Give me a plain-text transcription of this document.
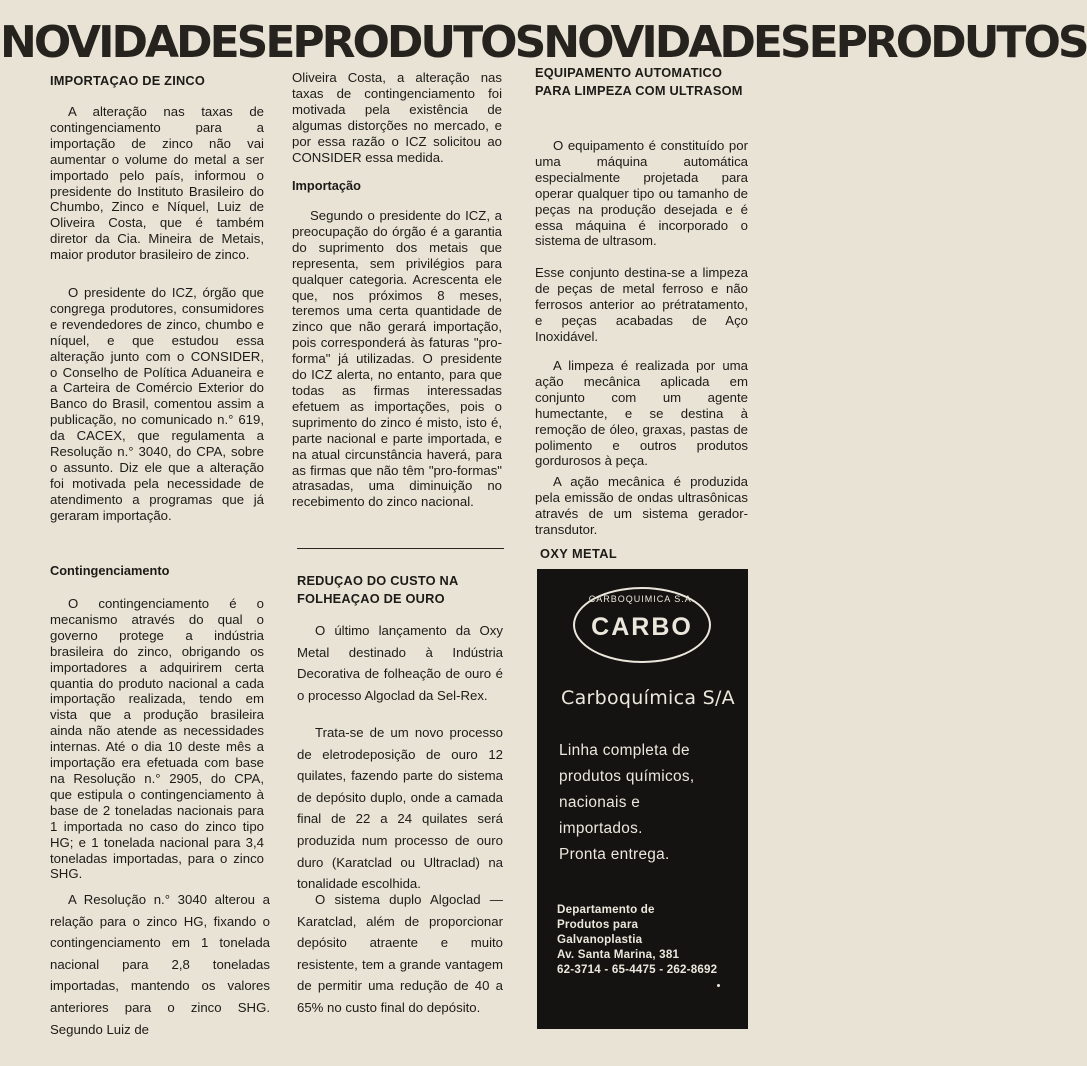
NOVIDADESEPRODUTOSNOVIDADESEPRODUTOS
IMPORTAÇAO DE ZINCO
A alteração nas taxas de contingenciamento para a importação de zinco não vai aumentar o volume do metal a ser importado pelo país, informou o presidente do Instituto Brasileiro do Chumbo, Zinco e Níquel, Luiz de Oliveira Costa, que é também diretor da Cia. Mineira de Metais, maior produtor brasileiro de zinco.
O presidente do ICZ, órgão que congrega produtores, consumidores e revendedores de zinco, chumbo e níquel, e que estudou essa alteração junto com o CONSIDER, o Conselho de Política Aduaneira e a Carteira de Comércio Exterior do Banco do Brasil, comentou assim a publicação, no comunicado n.° 619, da CACEX, que regulamenta a Resolução n.° 3040, do CPA, sobre o assunto. Diz ele que a alteração foi motivada pela necessidade de atendimento a programas que já geraram importação.
Contingenciamento
O contingenciamento é o mecanismo através do qual o governo protege a indústria brasileira do zinco, obrigando os importadores a adquirirem certa quantia do produto nacional a cada importação realizada, tendo em vista que a produção brasileira ainda não atende as necessidades internas. Até o dia 10 deste mês a importação era efetuada com base na Resolução n.° 2905, do CPA, que estipula o contingenciamento à base de 2 toneladas nacionais para 1 importada no caso do zinco tipo HG; e 1 tonelada nacional para 3,4 toneladas importadas, para o zinco SHG.
A Resolução n.° 3040 alterou a relação para o zinco HG, fixando o contingenciamento em 1 tonelada nacional para 2,8 toneladas importadas, mantendo os valores anteriores para o zinco SHG. Segundo Luiz de
Oliveira Costa, a alteração nas taxas de contingenciamento foi motivada pela existência de algumas distorções no mercado, e por essa razão o ICZ solicitou ao CONSIDER essa medida.
Importação
Segundo o presidente do ICZ, a preocupação do órgão é a garantia do suprimento dos metais que representa, sem privilégios para qualquer categoria. Acrescenta ele que, nos próximos 8 meses, teremos uma certa quantidade de zinco que não gerará importação, pois corresponderá às faturas "pro-forma" já utilizadas. O presidente do ICZ alerta, no entanto, para que todas as firmas interessadas efetuem as importações, pois o suprimento do zinco é misto, isto é, parte nacional e parte importada, e na atual circunstância haverá, para as firmas que não têm "pro-formas" atrasadas, uma diminuição no recebimento do zinco nacional.
REDUÇAO DO CUSTO NA FOLHEAÇAO DE OURO
O último lançamento da Oxy Metal destinado à Indústria Decorativa de folheação de ouro é o processo Algoclad da Sel-Rex.
Trata-se de um novo processo de eletrodeposição de ouro 12 quilates, fazendo parte do sistema de depósito duplo, onde a camada final de 22 a 24 quilates será produzida num processo de ouro duro (Karatclad ou Ultraclad) na tonalidade escolhida.
O sistema duplo Algoclad — Karatclad, além de proporcionar depósito atraente e muito resistente, tem a grande vantagem de permitir uma redução de 40 a 65% no custo final do depósito.
EQUIPAMENTO AUTOMATICO PARA LIMPEZA COM ULTRASOM
O equipamento é constituído por uma máquina automática especialmente projetada para operar qualquer tipo ou tamanho de peças na produção desejada e é essa máquina é incorporado o sistema de ultrasom.
Esse conjunto destina-se a limpeza de peças de metal ferroso e não ferrosos anterior ao prétratamento, e peças acabadas de Aço Inoxidável.
A limpeza é realizada por uma ação mecânica aplicada em conjunto com um agente humectante, e se destina à remoção de óleo, graxas, pastas de polimento e outros produtos gordurosos à peça.
A ação mecânica é produzida pela emissão de ondas ultrasônicas através de um sistema gerador-transdutor.
OXY METAL
CARBOQUIMICA S.A.
CARBO
Carboquímica S/A
Linha completa de
produtos químicos,
nacionais e
importados.
Pronta entrega.
Departamento de
Produtos para
Galvanoplastia
Av. Santa Marina, 381
62-3714 - 65-4475 - 262-8692
